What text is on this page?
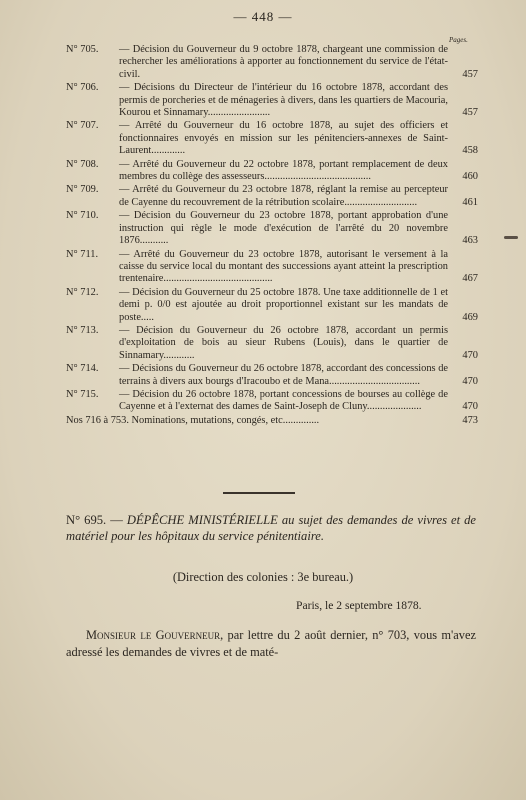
— 448 —
Pages.
N° 705. — Décision du Gouverneur du 9 octobre 1878, chargeant une commission de rechercher les améliorations à apporter au fonctionnement du service de l'état-civil.	457
N° 706. — Décisions du Directeur de l'intérieur du 16 octobre 1878, accordant des permis de porcheries et de ménageries à divers, dans les quartiers de Macouria, Kourou et Sinnamary........................	457
N° 707. — Arrêté du Gouverneur du 16 octobre 1878, au sujet des officiers et fonctionnaires envoyés en mission sur les pénitenciers-annexes de Saint-Laurent.............	458
N° 708. — Arrêté du Gouverneur du 22 octobre 1878, portant remplacement de deux membres du collège des assesseurs.........................................	460
N° 709. — Arrêté du Gouverneur du 23 octobre 1878, réglant la remise au percepteur de Cayenne du recouvrement de la rétribution scolaire............................	461
N° 710. — Décision du Gouverneur du 23 octobre 1878, portant approbation d'une instruction qui règle le mode d'exécution de l'arrêté du 20 novembre 1876...........	463
N° 711. — Arrêté du Gouverneur du 23 octobre 1878, autorisant le versement à la caisse du service local du montant des successions ayant atteint la prescription trentenaire..........................................	467
N° 712. — Décision du Gouverneur du 25 octobre 1878. Une taxe additionnelle de 1 et demi p. 0/0 est ajoutée au droit proportionnel existant sur les mandats de poste.....	469
N° 713. — Décision du Gouverneur du 26 octobre 1878, accordant un permis d'exploitation de bois au sieur Rubens (Louis), dans le quartier de Sinnamary............	470
N° 714. — Décisions du Gouverneur du 26 octobre 1878, accordant des concessions de terrains à divers aux bourgs d'Iracoubo et de Mana...................................	470
N° 715. — Décision du 26 octobre 1878, portant concessions de bourses au collège de Cayenne et à l'externat des dames de Saint-Joseph de Cluny.....................	470
Nos 716 à 753. Nominations, mutations, congés, etc..............	473
N° 695. — DÉPÊCHE MINISTÉRIELLE au sujet des demandes de vivres et de matériel pour les hôpitaux du service pénitentiaire.
(Direction des colonies : 3e bureau.)
Paris, le 2 septembre 1878.
Monsieur le Gouverneur, par lettre du 2 août dernier, n° 703, vous m'avez adressé les demandes de vivres et de maté-
